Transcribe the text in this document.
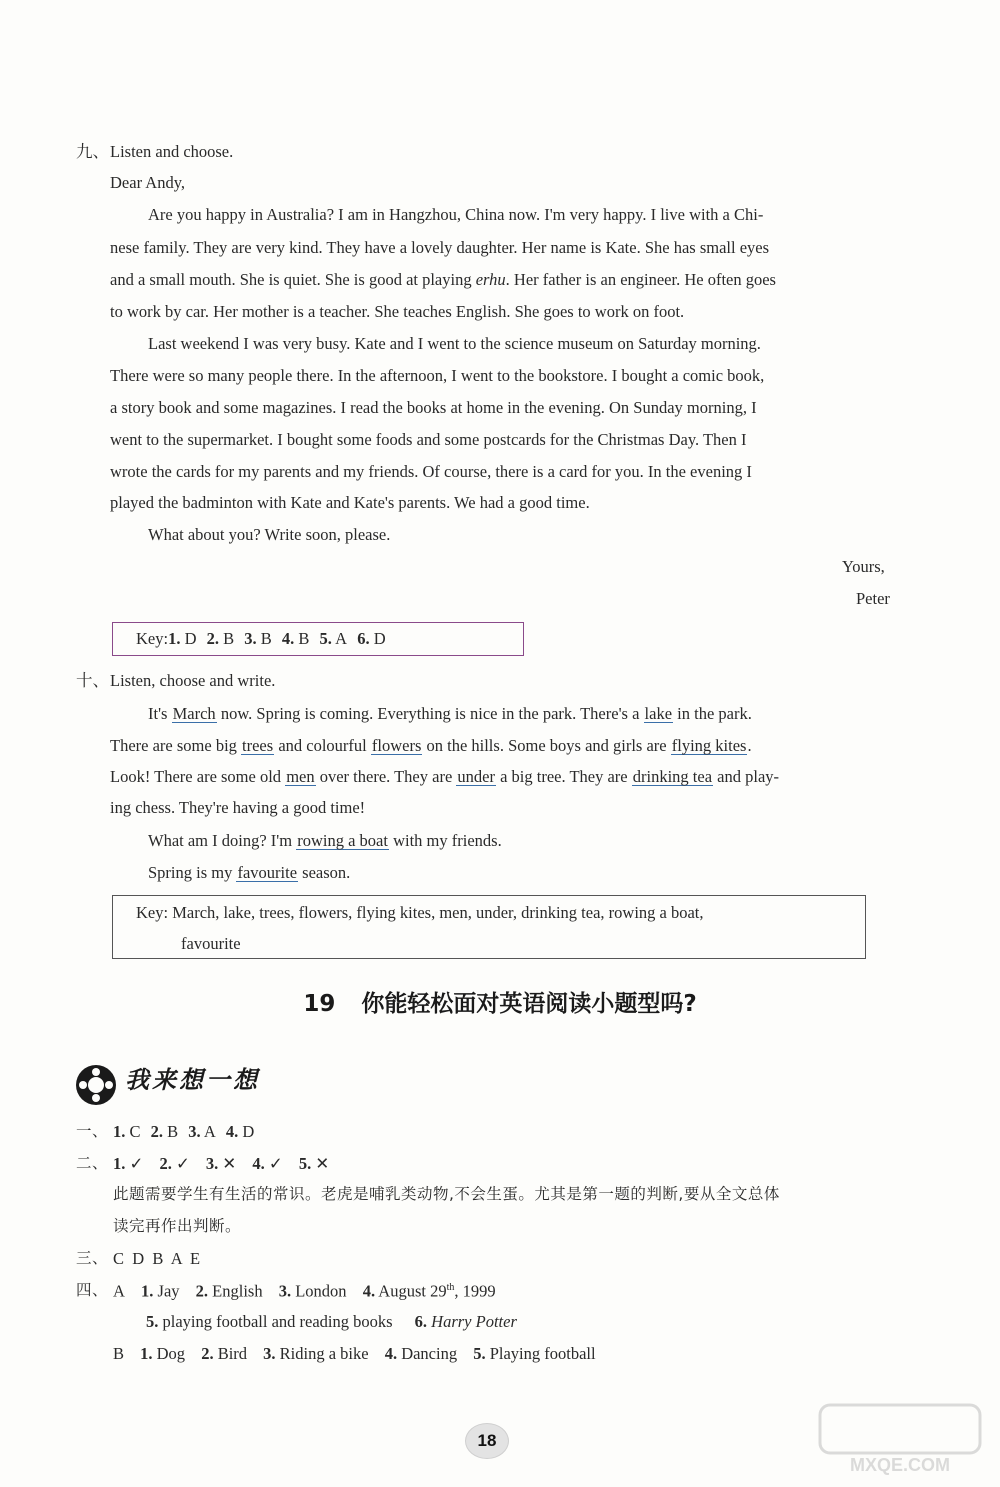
九、 Listen and choose.
Dear Andy,
Are you happy in Australia? I am in Hangzhou, China now. I'm very happy. I live with a Chi-
nese family. They are very kind. They have a lovely daughter. Her name is Kate. She has small eyes
and a small mouth. She is quiet. She is good at playing erhu. Her father is an engineer. He often goes
to work by car. Her mother is a teacher. She teaches English. She goes to work on foot.
Last weekend I was very busy. Kate and I went to the science museum on Saturday morning.
There were so many people there. In the afternoon, I went to the bookstore. I bought a comic book,
a story book and some magazines. I read the books at home in the evening. On Sunday morning, I
went to the supermarket. I bought some foods and some postcards for the Christmas Day. Then I
wrote the cards for my parents and my friends. Of course, there is a card for you. In the evening I
played the badminton with Kate and Kate's parents. We had a good time.
What about you? Write soon, please.
Yours,
Peter
Key:1. D 2. B 3. B 4. B 5. A 6. D
十、 Listen, choose and write.
It's March now. Spring is coming. Everything is nice in the park. There's a lake in the park.
There are some big trees and colourful flowers on the hills. Some boys and girls are flying kites.
Look! There are some old men over there. They are under a big tree. They are drinking tea and play-
ing chess. They're having a good time!
What am I doing? I'm rowing a boat with my friends.
Spring is my favourite season.
Key: March, lake, trees, flowers, flying kites, men, under, drinking tea, rowing a boat,
favourite
19 你能轻松面对英语阅读小题型吗?
我来想一想
一、 1. C 2. B 3. A 4. D
二、 1. ✓ 2. ✓ 3. ✕ 4. ✓ 5. ✕
此题需要学生有生活的常识。老虎是哺乳类动物,不会生蛋。尤其是第一题的判断,要从全文总体
读完再作出判断。
三、 C  D  B  A  E
四、 A 1. Jay 2. English 3. London 4. August 29th, 1999
5. playing football and reading books 6. Harry Potter
B 1. Dog 2. Bird 3. Riding a bike 4. Dancing 5. Playing football
18
MXQE.COM
